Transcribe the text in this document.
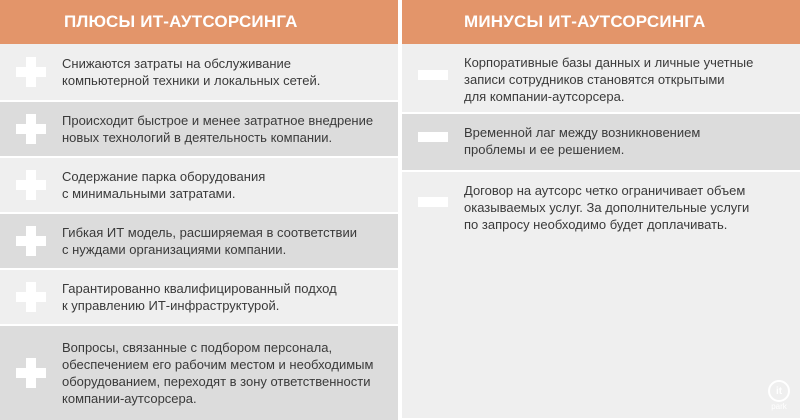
ПЛЮСЫ ИТ-АУТСОРСИНГА
Снижаются затраты на обслуживание
компьютерной техники и локальных сетей.
Происходит быстрое и менее затратное внедрение
новых технологий в деятельность компании.
Содержание парка оборудования
с минимальными затратами.
Гибкая ИТ модель, расширяемая в соответствии
с нуждами организациями компании.
Гарантированно квалифицированный подход
к управлению ИТ-инфраструктурой.
Вопросы, связанные с подбором персонала,
обеспечением его рабочим местом и необходимым
оборудованием, переходят в зону ответственности
компании-аутсорсера.
МИНУСЫ ИТ-АУТСОРСИНГА
Корпоративные базы данных и личные учетные
записи сотрудников становятся открытыми
для компании-аутсорсера.
Временной лаг между возникновением
проблемы и ее решением.
Договор на аутсорс четко ограничивает объем
оказываемых услуг. За дополнительные услуги
по запросу необходимо будет доплачивать.
it
park
